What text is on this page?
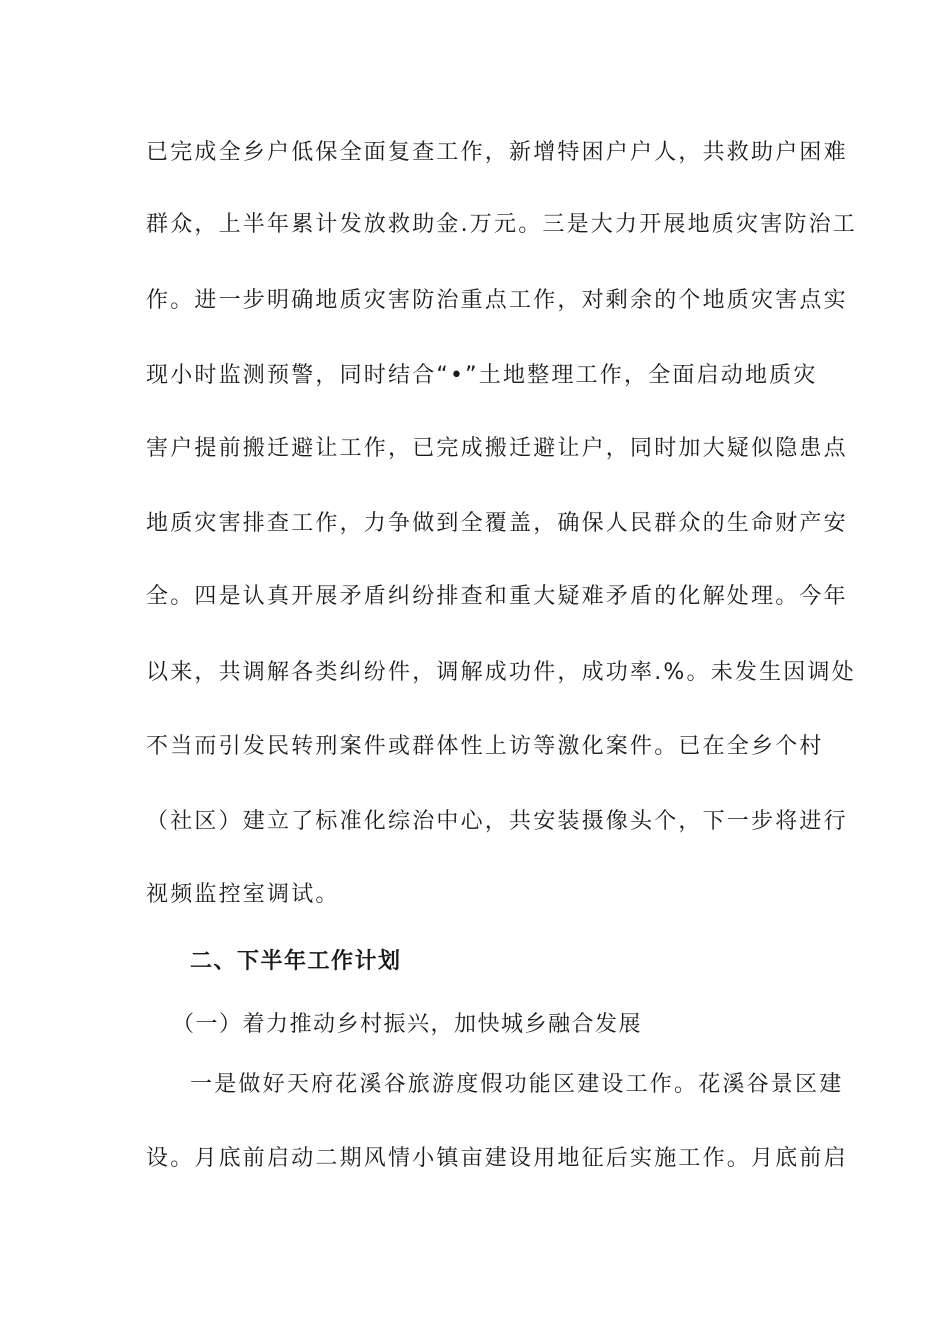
已完成全乡户低保全面复查工作，新增特困户户人，共救助户困难
群众，上半年累计发放救助金.万元。三是大力开展地质灾害防治工
作。进一步明确地质灾害防治重点工作，对剩余的个地质灾害点实
现小时监测预警，同时结合“•”土地整理工作，全面启动地质灾
害户提前搬迁避让工作，已完成搬迁避让户，同时加大疑似隐患点
地质灾害排查工作，力争做到全覆盖，确保人民群众的生命财产安
全。四是认真开展矛盾纠纷排查和重大疑难矛盾的化解处理。今年
以来，共调解各类纠纷件，调解成功件，成功率.%。未发生因调处
不当而引发民转刑案件或群体性上访等激化案件。已在全乡个村
（社区）建立了标准化综治中心，共安装摄像头个，下一步将进行
视频监控室调试。
二、下半年工作计划
（一）着力推动乡村振兴，加快城乡融合发展
一是做好天府花溪谷旅游度假功能区建设工作。花溪谷景区建
设。月底前启动二期风情小镇亩建设用地征后实施工作。月底前启
